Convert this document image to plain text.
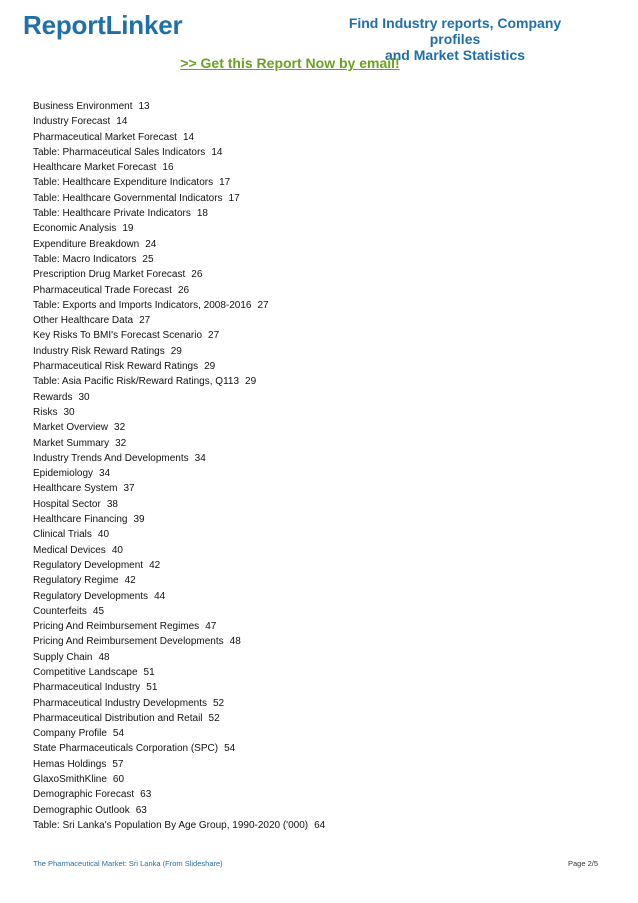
ReportLinker	Find Industry reports, Company profiles
and Market Statistics
>> Get this Report Now by email!
Business Environment 13
Industry Forecast 14
Pharmaceutical Market Forecast 14
Table: Pharmaceutical Sales Indicators 14
Healthcare Market Forecast 16
Table: Healthcare Expenditure Indicators 17
Table: Healthcare Governmental Indicators 17
Table: Healthcare Private Indicators 18
Economic Analysis 19
Expenditure Breakdown 24
Table: Macro Indicators 25
Prescription Drug Market Forecast 26
Pharmaceutical Trade Forecast 26
Table: Exports and Imports Indicators, 2008-2016 27
Other Healthcare Data 27
Key Risks To BMI's Forecast Scenario 27
Industry Risk Reward Ratings 29
Pharmaceutical Risk Reward Ratings 29
Table: Asia Pacific Risk/Reward Ratings, Q113 29
Rewards 30
Risks 30
Market Overview 32
Market Summary 32
Industry Trends And Developments 34
Epidemiology 34
Healthcare System 37
Hospital Sector 38
Healthcare Financing 39
Clinical Trials 40
Medical Devices 40
Regulatory Development 42
Regulatory Regime 42
Regulatory Developments 44
Counterfeits 45
Pricing And Reimbursement Regimes 47
Pricing And Reimbursement Developments 48
Supply Chain 48
Competitive Landscape 51
Pharmaceutical Industry 51
Pharmaceutical Industry Developments 52
Pharmaceutical Distribution and Retail 52
Company Profile 54
State Pharmaceuticals Corporation (SPC) 54
Hemas Holdings 57
GlaxoSmithKline 60
Demographic Forecast 63
Demographic Outlook 63
Table: Sri Lanka's Population By Age Group, 1990-2020 ('000) 64
The Pharmaceutical Market: Sri Lanka (From Slideshare)	Page 2/5
